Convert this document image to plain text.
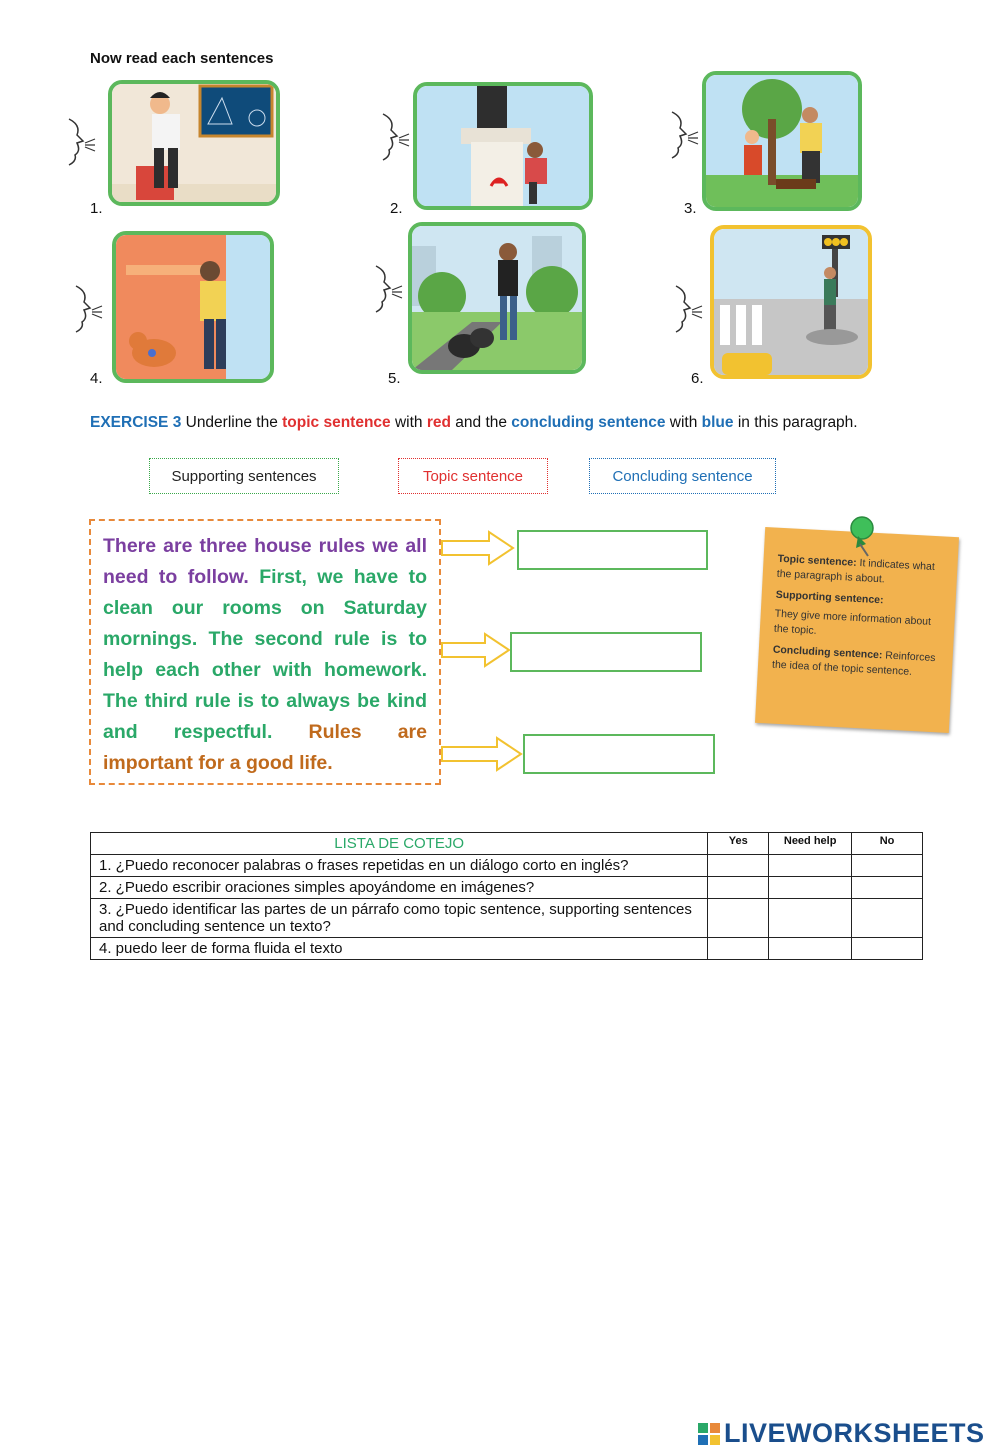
Now read each sentences
1.	2.	3.
4.	5.	6.
EXERCISE 3 Underline the topic sentence with red and the concluding sentence with blue in this paragraph.
Supporting sentences	Topic sentence	Concluding sentence
There are three house rules we all need to follow. First, we have to clean our rooms on Saturday mornings. The second rule is to help each other with homework. The third rule is to always be kind and respectful. Rules are important for a good life.
Topic sentence: It indicates what the paragraph is about.
Supporting sentence:
They give more information about the topic.
Concluding sentence: Reinforces the idea of the topic sentence.
LISTA DE COTEJO	Yes	Need help	No
1. ¿Puedo reconocer palabras o frases repetidas en un diálogo corto en inglés?			
2. ¿Puedo escribir oraciones simples apoyándome en imágenes?			
3. ¿Puedo identificar las partes de un párrafo como topic sentence, supporting sentences and concluding sentence un texto?			
4. puedo leer de forma fluida el texto			
LIVEWORKSHEETS
